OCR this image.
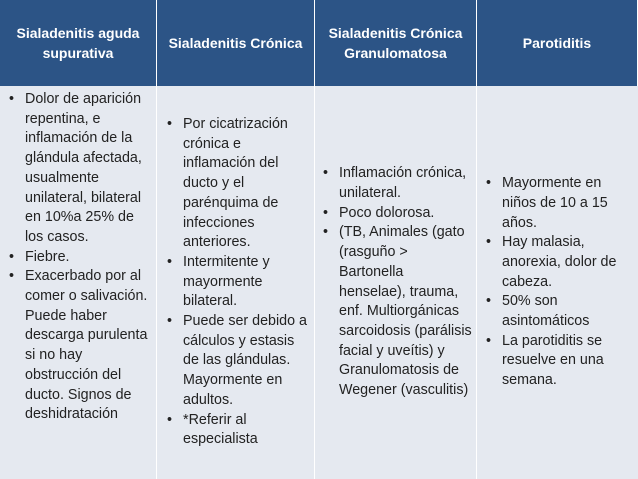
Sialadenitis aguda supurativa
Sialadenitis Crónica
Sialadenitis Crónica Granulomatosa
Parotiditis
• Dolor de aparición repentina, e inflamación de la glándula afectada, usualmente unilateral, bilateral en 10%a 25% de los casos.
• Fiebre.
• Exacerbado por al comer o salivación. Puede haber descarga purulenta si no hay obstrucción del ducto. Signos de deshidratación
• Por cicatrización crónica e inflamación del ducto y el parénquima de infecciones anteriores.
• Intermitente y mayormente bilateral.
• Puede ser debido a cálculos y estasis de las glándulas. Mayormente en adultos.
• *Referir al especialista
• Inflamación crónica, unilateral.
• Poco dolorosa.
• (TB, Animales (gato (rasguño > Bartonella henselae), trauma, enf. Multiorgánicas sarcoidosis (parálisis facial y uveítis) y Granulomatosis de Wegener (vasculitis)
• Mayormente en niños de 10 a 15 años.
• Hay malasia, anorexia, dolor de cabeza.
• 50% son asintomáticos
• La parotiditis se resuelve en una semana.
